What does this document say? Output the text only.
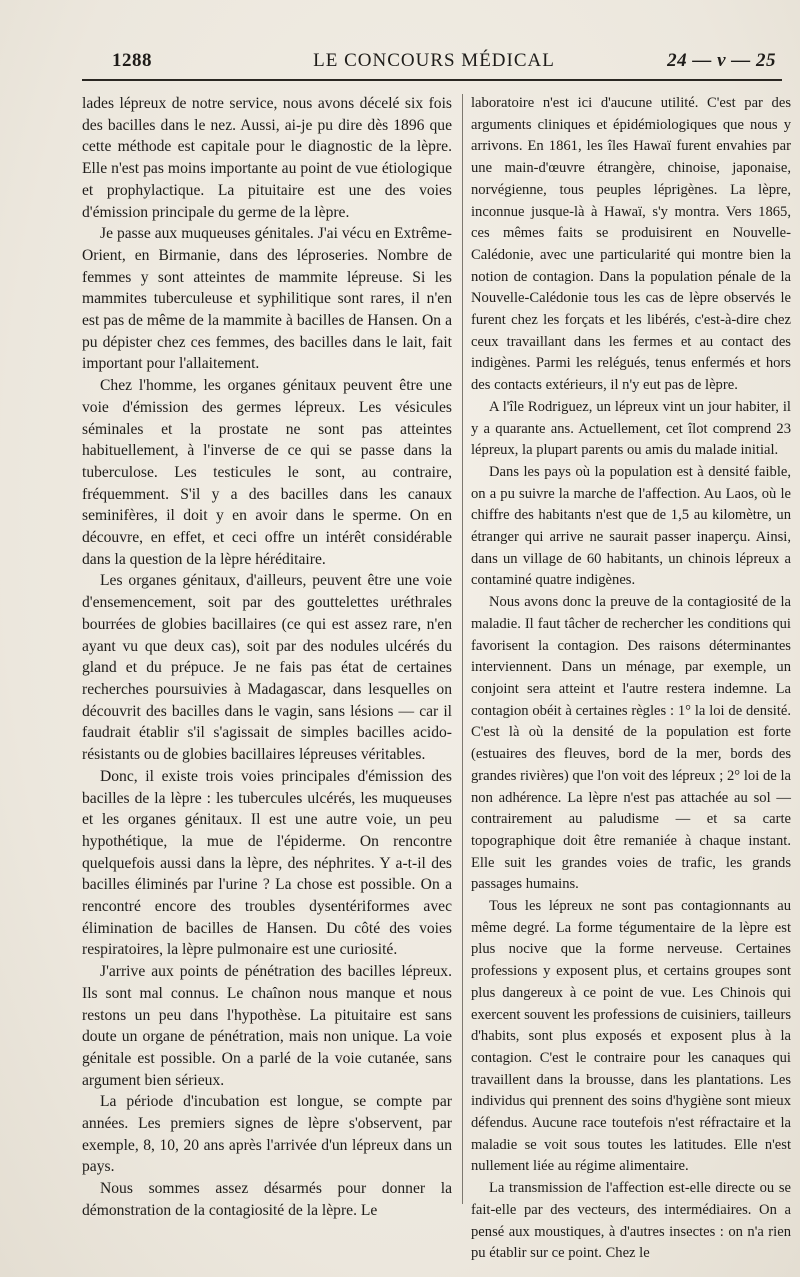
1288	LE CONCOURS MÉDICAL	24 — v — 25

lades lépreux de notre service, nous avons décelé six fois des bacilles dans le nez. Aussi, ai-je pu dire dès 1896 que cette méthode est capitale pour le diagnostic de la lèpre. Elle n'est pas moins importante au point de vue étiologique et prophylactique. La pituitaire est une des voies d'émission principale du germe de la lèpre.

Je passe aux muqueuses génitales. J'ai vécu en Extrême-Orient, en Birmanie, dans des léproseries. Nombre de femmes y sont atteintes de mammite lépreuse. Si les mammites tuberculeuse et syphilitique sont rares, il n'en est pas de même de la mammite à bacilles de Hansen. On a pu dépister chez ces femmes, des bacilles dans le lait, fait important pour l'allaitement.

Chez l'homme, les organes génitaux peuvent être une voie d'émission des germes lépreux. Les vésicules séminales et la prostate ne sont pas atteintes habituellement, à l'inverse de ce qui se passe dans la tuberculose. Les testicules le sont, au contraire, fréquemment. S'il y a des bacilles dans les canaux seminifères, il doit y en avoir dans le sperme. On en découvre, en effet, et ceci offre un intérêt considérable dans la question de la lèpre héréditaire.

Les organes génitaux, d'ailleurs, peuvent être une voie d'ensemencement, soit par des gouttelettes uréthrales bourrées de globies bacillaires (ce qui est assez rare, n'en ayant vu que deux cas), soit par des nodules ulcérés du gland et du prépuce. Je ne fais pas état de certaines recherches poursuivies à Madagascar, dans lesquelles on découvrit des bacilles dans le vagin, sans lésions — car il faudrait établir s'il s'agissait de simples bacilles acido-résistants ou de globies bacillaires lépreuses véritables.

Donc, il existe trois voies principales d'émission des bacilles de la lèpre : les tubercules ulcérés, les muqueuses et les organes génitaux. Il est une autre voie, un peu hypothétique, la mue de l'épiderme. On rencontre quelquefois aussi dans la lèpre, des néphrites. Y a-t-il des bacilles éliminés par l'urine ? La chose est possible. On a rencontré encore des troubles dysentériformes avec élimination de bacilles de Hansen. Du côté des voies respiratoires, la lèpre pulmonaire est une curiosité.

J'arrive aux points de pénétration des bacilles lépreux. Ils sont mal connus. Le chaînon nous manque et nous restons un peu dans l'hypothèse. La pituitaire est sans doute un organe de pénétration, mais non unique. La voie génitale est possible. On a parlé de la voie cutanée, sans argument bien sérieux.

La période d'incubation est longue, se compte par années. Les premiers signes de lèpre s'observent, par exemple, 8, 10, 20 ans après l'arrivée d'un lépreux dans un pays.

Nous sommes assez désarmés pour donner la démonstration de la contagiosité de la lèpre. Le

laboratoire n'est ici d'aucune utilité. C'est par des arguments cliniques et épidémiologiques que nous y arrivons. En 1861, les îles Hawaï furent envahies par une main-d'œuvre étrangère, chinoise, japonaise, norvégienne, tous peuples léprigènes. La lèpre, inconnue jusque-là à Hawaï, s'y montra. Vers 1865, ces mêmes faits se produisirent en Nouvelle-Calédonie, avec une particularité qui montre bien la notion de contagion. Dans la population pénale de la Nouvelle-Calédonie tous les cas de lèpre observés le furent chez les forçats et les libérés, c'est-à-dire chez ceux travaillant dans les fermes et au contact des indigènes. Parmi les relégués, tenus enfermés et hors des contacts extérieurs, il n'y eut pas de lèpre.

A l'île Rodriguez, un lépreux vint un jour habiter, il y a quarante ans. Actuellement, cet îlot comprend 23 lépreux, la plupart parents ou amis du malade initial.

Dans les pays où la population est à densité faible, on a pu suivre la marche de l'affection. Au Laos, où le chiffre des habitants n'est que de 1,5 au kilomètre, un étranger qui arrive ne saurait passer inaperçu. Ainsi, dans un village de 60 habitants, un chinois lépreux a contaminé quatre indigènes.

Nous avons donc la preuve de la contagiosité de la maladie. Il faut tâcher de rechercher les conditions qui favorisent la contagion. Des raisons déterminantes interviennent. Dans un ménage, par exemple, un conjoint sera atteint et l'autre restera indemne. La contagion obéit à certaines règles : 1° la loi de densité. C'est là où la densité de la population est forte (estuaires des fleuves, bord de la mer, bords des grandes rivières) que l'on voit des lépreux ; 2° loi de la non adhérence. La lèpre n'est pas attachée au sol — contrairement au paludisme — et sa carte topographique doit être remaniée à chaque instant. Elle suit les grandes voies de trafic, les grands passages humains.

Tous les lépreux ne sont pas contagionnants au même degré. La forme tégumentaire de la lèpre est plus nocive que la forme nerveuse. Certaines professions y exposent plus, et certains groupes sont plus dangereux à ce point de vue. Les Chinois qui exercent souvent les professions de cuisiniers, tailleurs d'habits, sont plus exposés et exposent plus à la contagion. C'est le contraire pour les canaques qui travaillent dans la brousse, dans les plantations. Les individus qui prennent des soins d'hygiène sont mieux défendus. Aucune race toutefois n'est réfractaire et la maladie se voit sous toutes les latitudes. Elle n'est nullement liée au régime alimentaire.

La transmission de l'affection est-elle directe ou se fait-elle par des vecteurs, des intermédiaires. On a pensé aux moustiques, à d'autres insectes : on n'a rien pu établir sur ce point. Chez le
